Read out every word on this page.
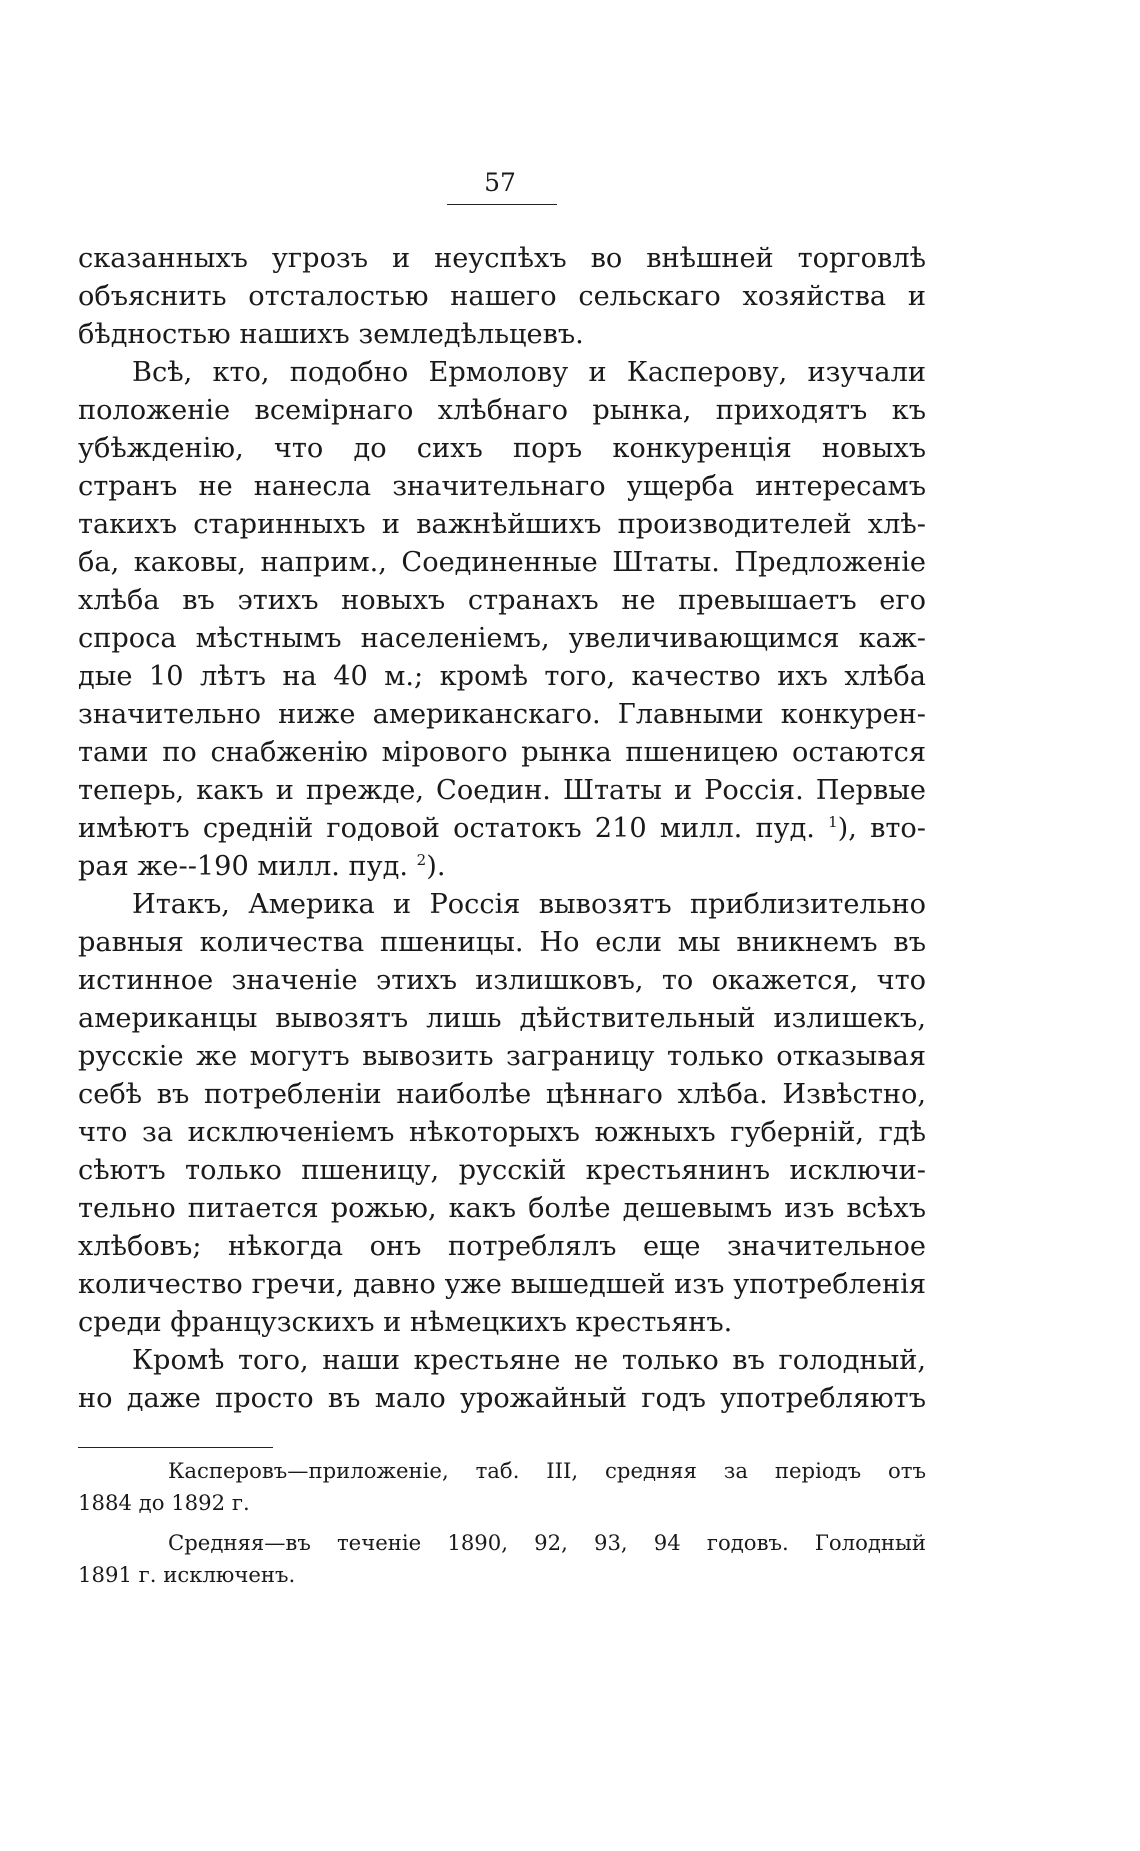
57
сказанныхъ угрозъ и неуспѣхъ во внѣшней торговлѣ
объяснить отсталостью нашего сельскаго хозяйства и
бѣдностью нашихъ земледѣльцевъ.
Всѣ, кто, подобно Ермолову и Касперову, изучали
положеніе всемірнаго хлѣбнаго рынка, приходятъ къ
убѣжденію, что до сихъ поръ конкуренція новыхъ
странъ не нанесла значительнаго ущерба интересамъ
такихъ старинныхъ и важнѣйшихъ производителей хлѣ-
ба, каковы, наприм., Соединенные Штаты. Предложеніе
хлѣба въ этихъ новыхъ странахъ не превышаетъ его
спроса мѣстнымъ населеніемъ, увеличивающимся каж-
дые 10 лѣтъ на 40 м.; кромѣ того, качество ихъ хлѣба
значительно ниже американскаго. Главными конкурен-
тами по снабженію мірового рынка пшеницею остаются
теперь, какъ и прежде, Соедин. Штаты и Россія. Первые
имѣютъ средній годовой остатокъ 210 милл. пуд. $^1$), вто-
рая же--190 милл. пуд. $^2$).
Итакъ, Америка и Россія вывозятъ приблизительно
равныя количества пшеницы. Но если мы вникнемъ въ
истинное значеніе этихъ излишковъ, то окажется, что
американцы вывозятъ лишь дѣйствительный излишекъ,
русскіе же могутъ вывозить заграницу только отказывая
себѣ въ потребленіи наиболѣе цѣннаго хлѣба. Извѣстно,
что за исключеніемъ нѣкоторыхъ южныхъ губерній, гдѣ
сѣютъ только пшеницу, русскій крестьянинъ исключи-
тельно питается рожью, какъ болѣе дешевымъ изъ всѣхъ
хлѣбовъ; нѣкогда онъ потреблялъ еще значительное
количество гречи, давно уже вышедшей изъ употребленія
среди французскихъ и нѣмецкихъ крестьянъ.
Кромѣ того, наши крестьяне не только въ голодный,
но даже просто въ мало урожайный годъ употребляютъ
Касперовъ—приложеніе, таб. III, средняя за періодъ отъ
1884 до 1892 г.
Средняя—въ теченіе 1890, 92, 93, 94 годовъ. Голодный
1891 г. исключенъ.
